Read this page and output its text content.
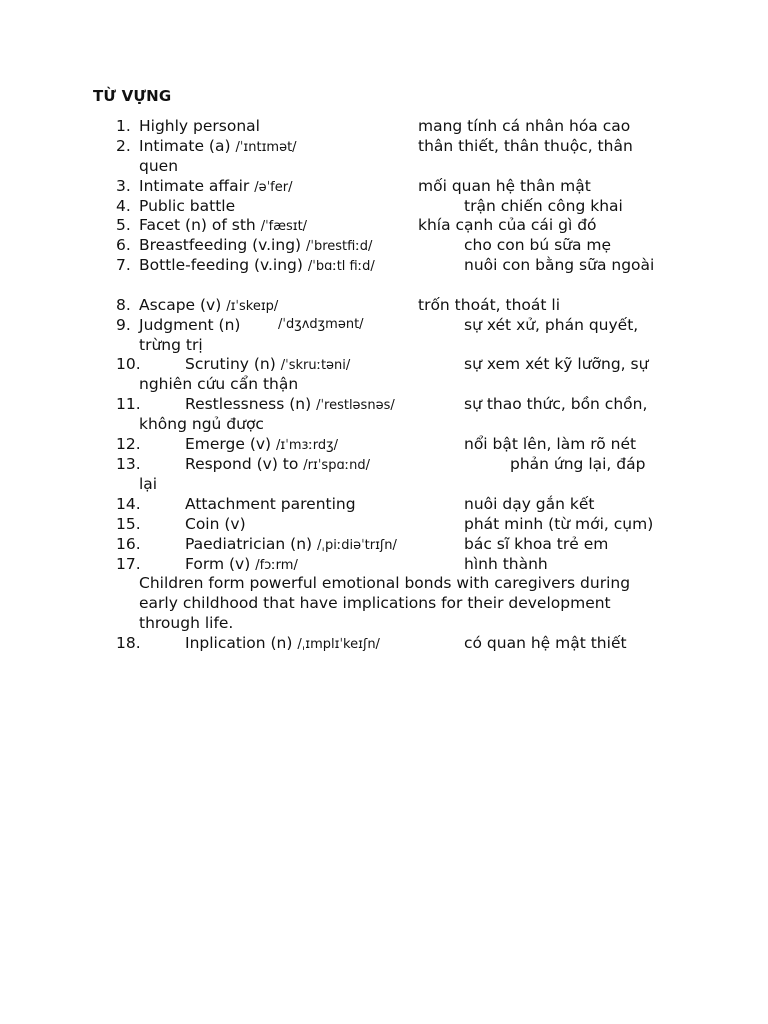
TỪ VỰNG
1. Highly personal	mang tính cá nhân hóa cao
2. Intimate (a) /ˈɪntɪmət/	thân thiết, thân thuộc, thân
quen
3. Intimate affair /əˈfer/	mối quan hệ thân mật
4. Public battle	trận chiến công khai
5. Facet (n) of sth /ˈfæsɪt/	khía cạnh của cái gì đó
6. Breastfeeding (v.ing) /ˈbrestfiːd/	cho con bú sữa mẹ
7. Bottle-feeding (v.ing) /ˈbɑːtl fiːd/	nuôi con bằng sữa ngoài
8. Ascape (v) /ɪˈskeɪp/	trốn thoát, thoát li
9. Judgment (n)	/ˈdʒʌdʒmənt/	sự xét xử, phán quyết,
trừng trị
10.	Scrutiny (n) /ˈskruːtəni/	sự xem xét kỹ lưỡng, sự
nghiên cứu cẩn thận
11.	Restlessness (n) /ˈrestləsnəs/	sự thao thức, bồn chồn,
không ngủ được
12.	Emerge (v) /ɪˈmɜːrdʒ/	nổi bật lên, làm rõ nét
13.	Respond (v) to /rɪˈspɑːnd/	phản ứng lại, đáp
lại
14.	Attachment parenting	nuôi dạy gắn kết
15.	Coin (v)	phát minh (từ mới, cụm)
16.	Paediatrician (n) /ˌpiːdiəˈtrɪʃn/	bác sĩ khoa trẻ em
17.	Form (v) /fɔːrm/	hình thành
Children form powerful emotional bonds with caregivers during
early childhood that have implications for their development
through life.
18.	Inplication (n) /ˌɪmplɪˈkeɪʃn/	có quan hệ mật thiết
